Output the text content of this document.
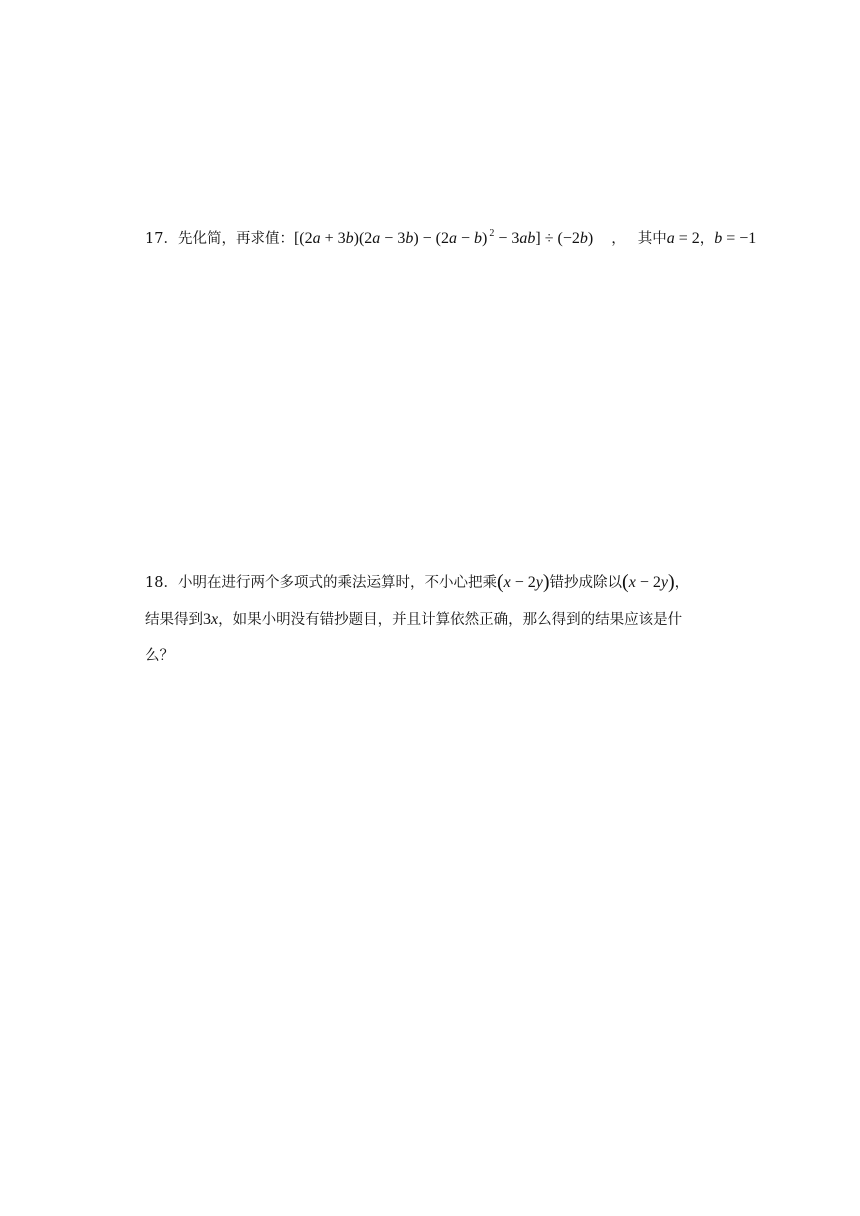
17．先化简，再求值：[(2a + 3b)(2a − 3b) − (2a − b) $^2$ − 3ab] ÷ (−2b) ， 其中a = 2，b = −1
18．小明在进行两个多项式的乘法运算时，不小心把乘(x − 2y)错抄成除以(x − 2y)，
结果得到3x，如果小明没有错抄题目，并且计算依然正确，那么得到的结果应该是什
么？
